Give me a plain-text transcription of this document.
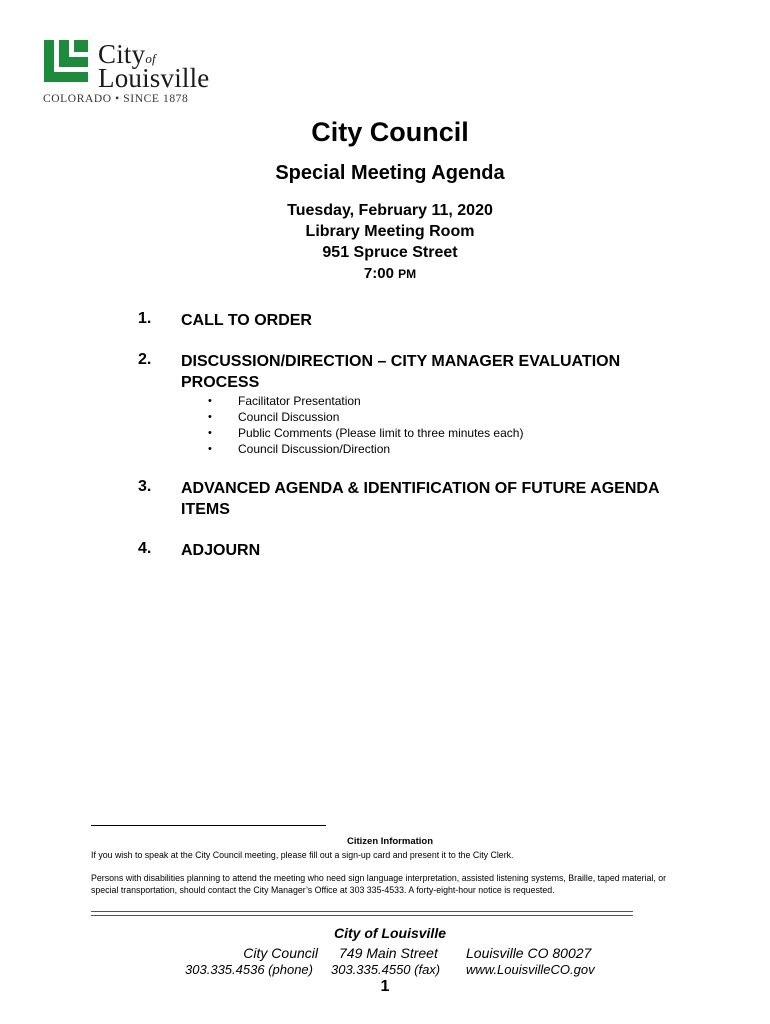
Cityof
Louisville
COLORADO • SINCE 1878
City Council
Special Meeting Agenda
Tuesday, February 11, 2020
Library Meeting Room
951 Spruce Street
7:00 PM
1. CALL TO ORDER
2. DISCUSSION/DIRECTION – CITY MANAGER EVALUATION PROCESS
• Facilitator Presentation
• Council Discussion
• Public Comments (Please limit to three minutes each)
• Council Discussion/Direction
3. ADVANCED AGENDA & IDENTIFICATION OF FUTURE AGENDA ITEMS
4. ADJOURN
Citizen Information
If you wish to speak at the City Council meeting, please fill out a sign-up card and present it to the City Clerk.
Persons with disabilities planning to attend the meeting who need sign language interpretation, assisted listening systems, Braille, taped material, or special transportation, should contact the City Manager’s Office at 303 335-4533. A forty-eight-hour notice is requested.
City of Louisville
City Council 749 Main Street Louisville CO 80027
303.335.4536 (phone) 303.335.4550 (fax) www.LouisvilleCO.gov
1
